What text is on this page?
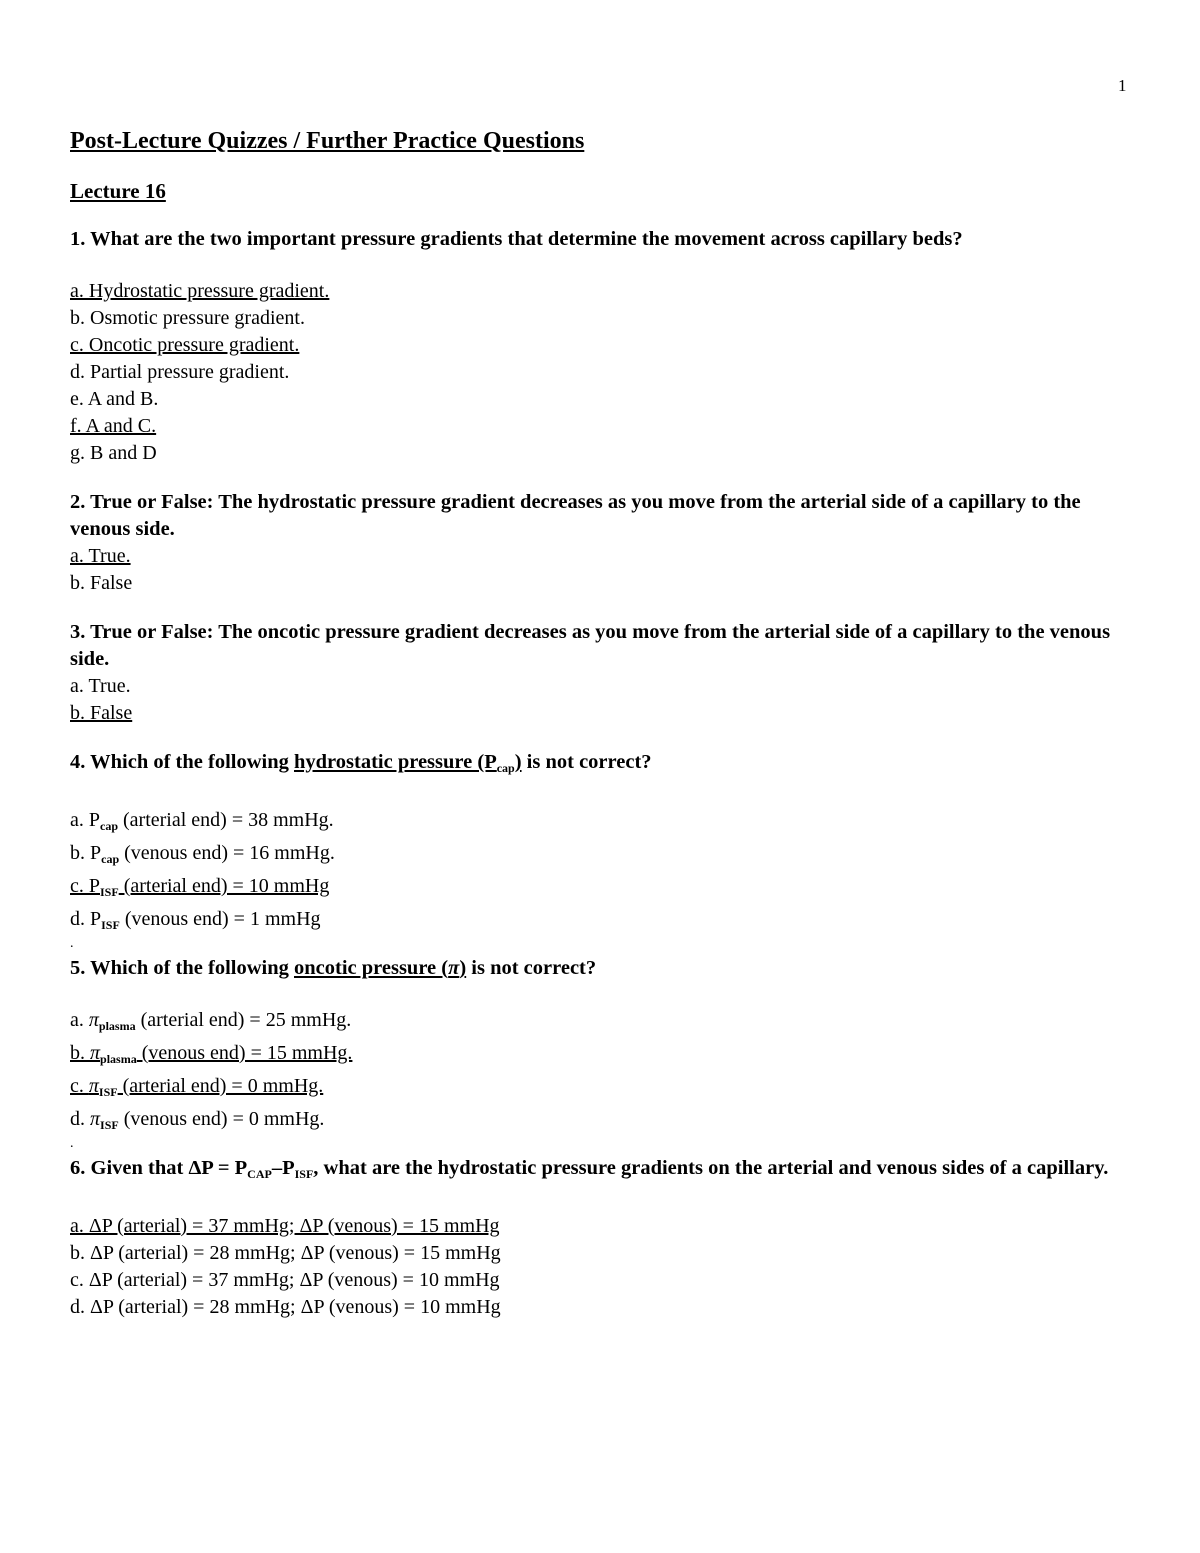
1
Post-Lecture Quizzes / Further Practice Questions
Lecture 16
1. What are the two important pressure gradients that determine the movement across capillary beds?
a. Hydrostatic pressure gradient.
b. Osmotic pressure gradient.
c. Oncotic pressure gradient.
d. Partial pressure gradient.
e. A and B.
f. A and C.
g. B and D
2. True or False: The hydrostatic pressure gradient decreases as you move from the arterial side of a capillary to the venous side.
a. True.
b. False
3. True or False: The oncotic pressure gradient decreases as you move from the arterial side of a capillary to the venous side.
a. True.
b. False
4. Which of the following hydrostatic pressure $(P_{cap})$ is not correct?
a. $P_{cap}$ (arterial end) = 38 mmHg.
b. $P_{cap}$ (venous end) = 16 mmHg.
c. $P_{ISF}$ (arterial end) = 10 mmHg
d. $P_{ISF}$ (venous end) = 1 mmHg
.
5. Which of the following oncotic pressure (π) is not correct?
a. $\pi_{plasma}$ (arterial end) = 25 mmHg.
b. $\pi_{plasma}$ (venous end) = 15 mmHg.
c. $\pi_{ISF}$ (arterial end) = 0 mmHg.
d. $\pi_{ISF}$ (venous end) = 0 mmHg.
.
6. Given that $\Delta P = P_{CAP}-P_{ISF}$, what are the hydrostatic pressure gradients on the arterial and venous sides of a capillary.
a. ΔP (arterial) = 37 mmHg; ΔP (venous) = 15 mmHg
b. ΔP (arterial) = 28 mmHg; ΔP (venous) = 15 mmHg
c. ΔP (arterial) = 37 mmHg; ΔP (venous) = 10 mmHg
d. ΔP (arterial) = 28 mmHg; ΔP (venous) = 10 mmHg
